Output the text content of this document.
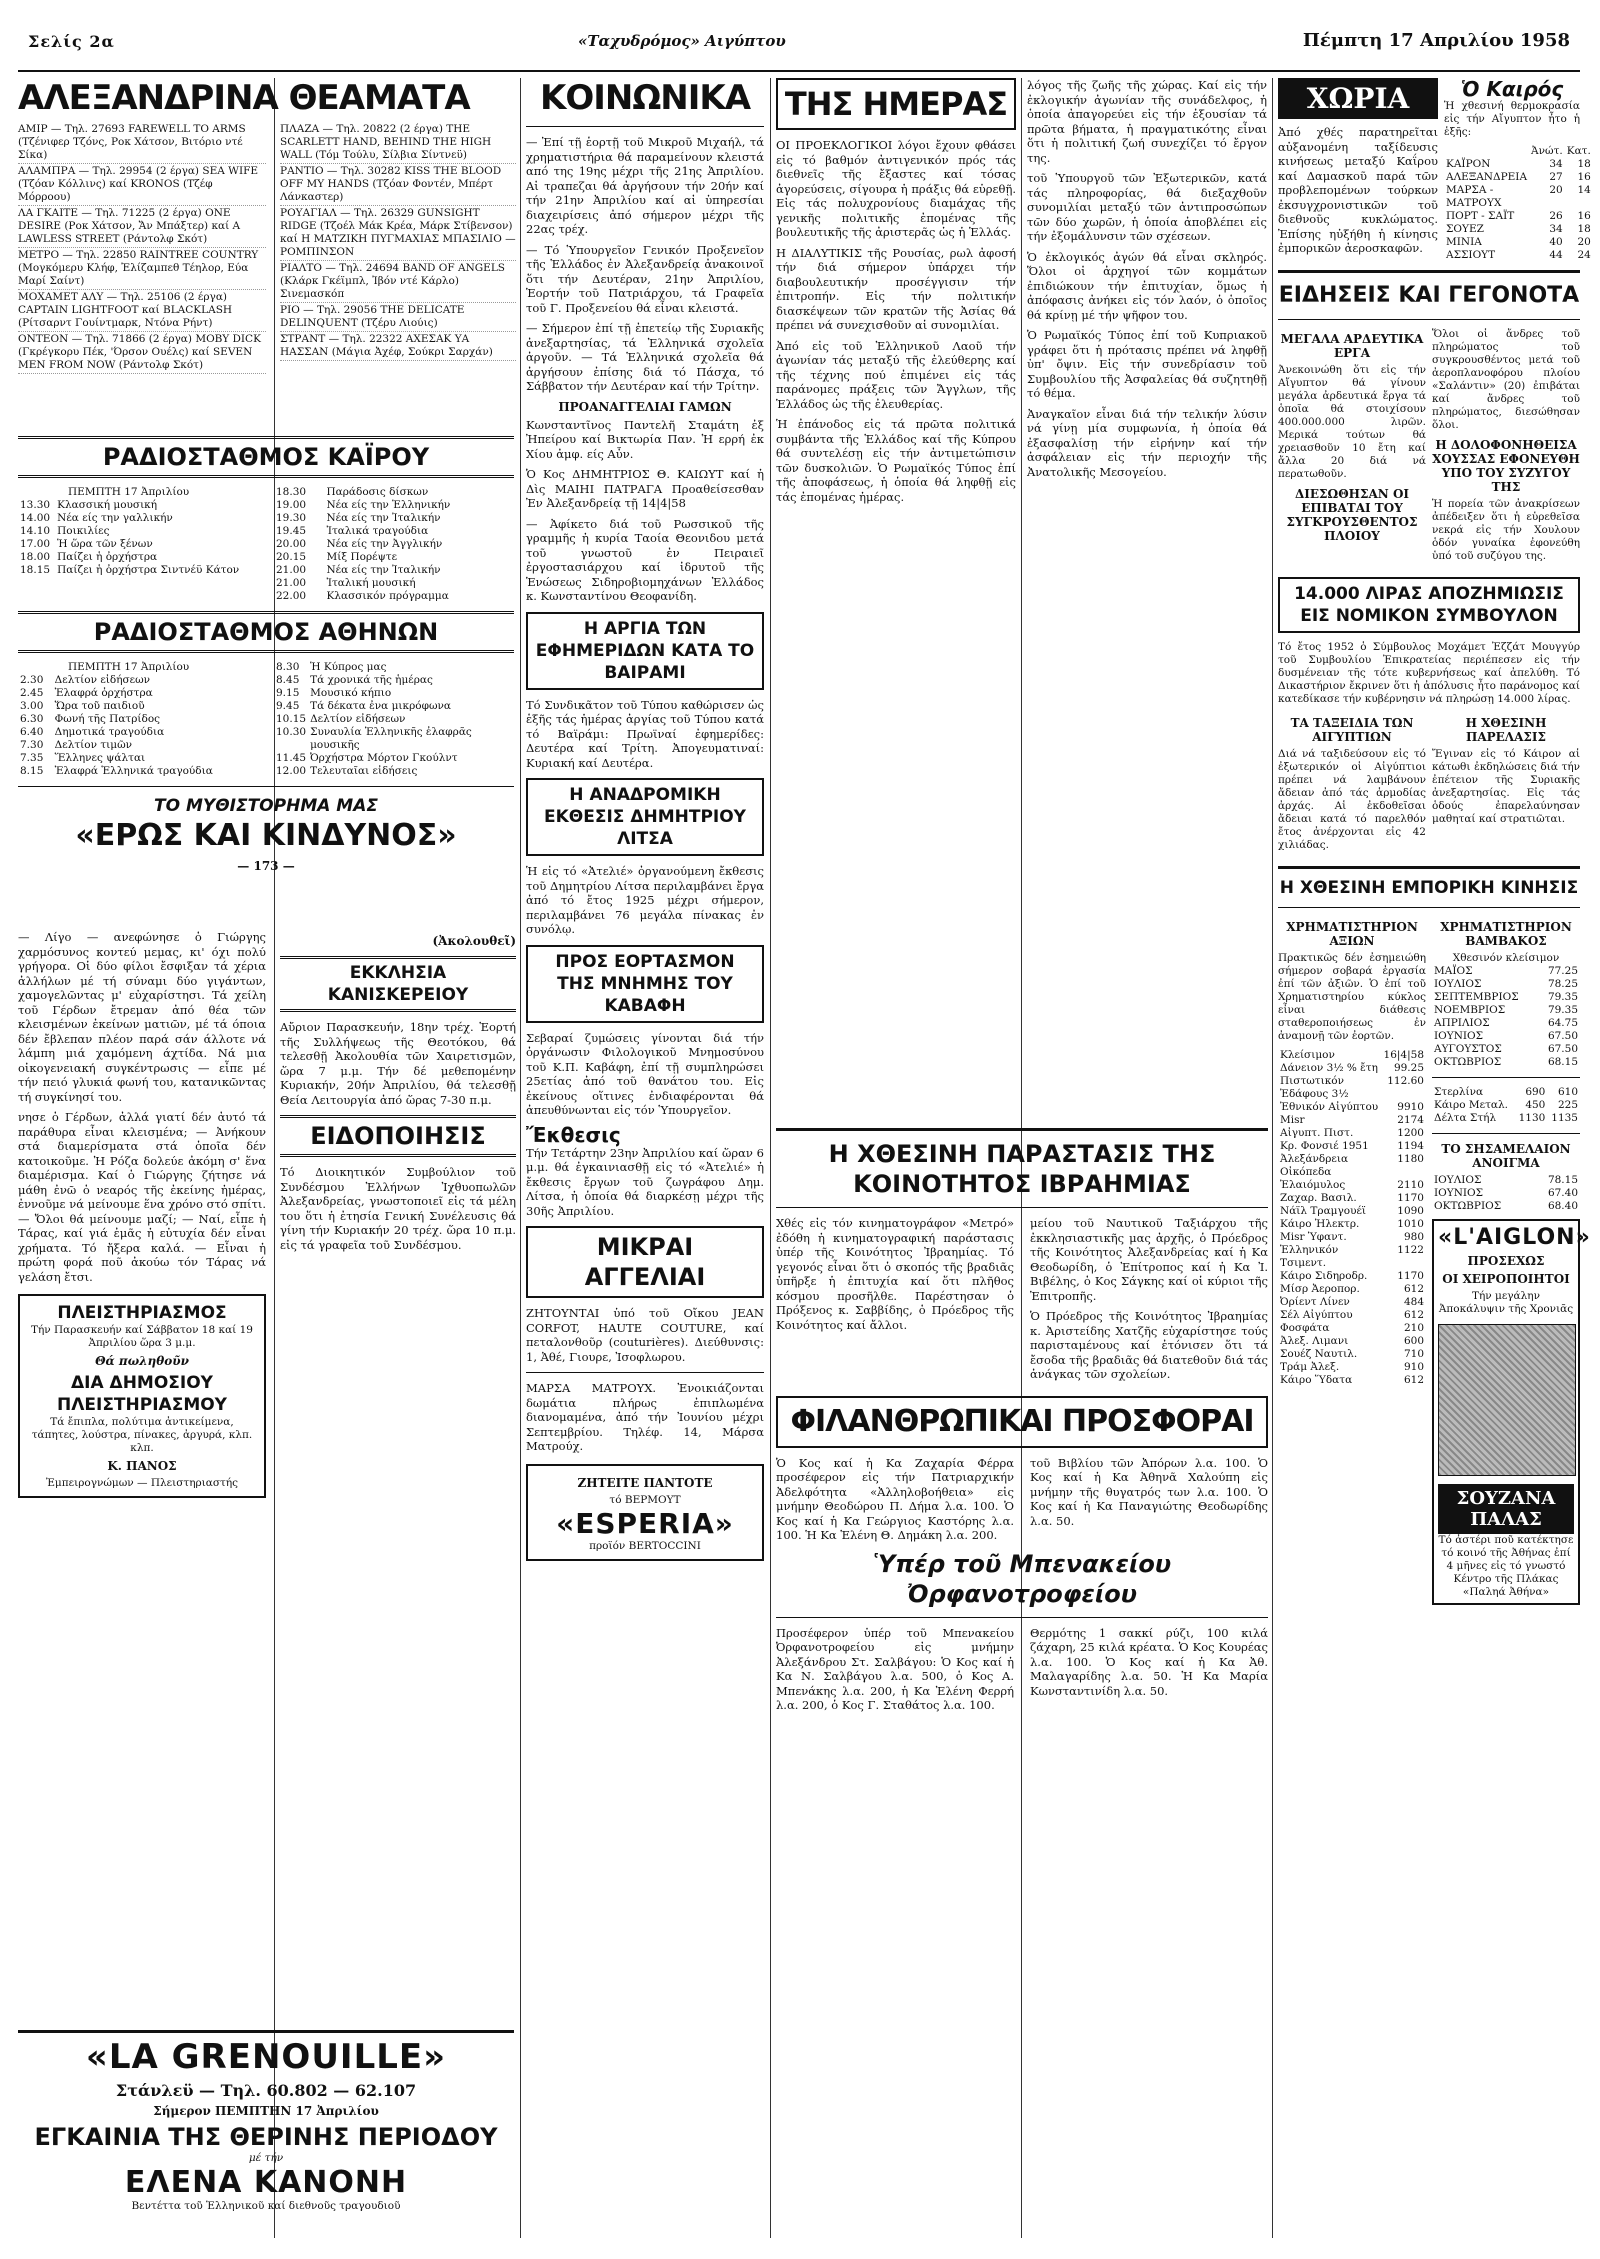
Σελίς 2α	«Ταχυδρόμος» Αιγύπτου	Πέμπτη 17 Απριλίου 1958
ΑΛΕΞΑΝΔΡΙΝΑ ΘΕΑΜΑΤΑ
ΑΜΙΡ — Τηλ. 27693 FAREWELL TO ARMS (Τζένιφερ Τζόνς, Ροκ Χάτσον, Βιτόριο ντέ Σίκα)
ΑΛΑΜΠΡΑ — Τηλ. 29954 (2 έργα) SEA WIFE (Τζόαν Κόλλινς) καί KRONOS (Τζέφ Μόρροου)
ΛΑ ΓΚΑΙΤΕ — Τηλ. 71225 (2 έργα) ONE DESIRE (Ροκ Χάτσον, Ἄν Μπάξτερ) καί A LAWLESS STREET (Ράντολφ Σκότ)
ΜΕΤΡΟ — Τηλ. 22850 RAINTREE COUNTRY (Μογκόμερυ Κλήφ, Ἐλίζαμπεθ Τέηλορ, Εύα Μαρί Σαίντ)
ΜΟΧΑΜΕΤ ΑΛΥ — Τηλ. 25106 (2 έργα) CAPTAIN LIGHTFOOT καί BLACKLASH (Ρίτσαρντ Γουίντμαρκ, Ντόνα Ρήντ)
ΟΝΤΕΟΝ — Τηλ. 71866 (2 έργα) MOBY DICK (Γκρέγκορυ Πέκ, 'Όρσον Ουέλς) καί SEVEN MEN FROM NOW (Ράντολφ Σκότ)
ΡΑΔΙΟΣΤΑΘΜΟΣ ΚΑΪΡΟΥ
ΠΕΜΠΤΗ 17 Ἀπριλίου
13.30	Κλασσική μουσική
14.00	Νέα είς την γαλλικήν
14.10	Ποικιλίες
17.00	Ἡ ὥρα τῶν ξένων
18.00	Παίζει ἡ ὀρχήστρα
18.15	Παίζει ἡ ὀρχήστρα Σιντνέϋ Κάτον
18.30	Παράδοσις δίσκων
19.00	Νέα είς την Ἑλληνικήν
19.30	Νέα είς την Ἰταλικήν
19.45	Ἰταλικά τραγούδια
20.00	Νέα είς την Ἀγγλικήν
20.15	Μίξ Πορέψτε
21.00	Νέα είς την Ἰταλικήν
21.00	Ἰταλική μουσική
22.00	Κλασσικόν πρόγραμμα
ΡΑΔΙΟΣΤΑΘΜΟΣ ΑΘΗΝΩΝ
ΠΕΜΠΤΗ 17 Ἀπριλίου
2.30	Δελτίον εἰδήσεων
2.45	Ἐλαφρά ὀρχήστρα
3.00	Ὥρα τοῦ παιδιοῦ
6.30	Φωνή τῆς Πατρίδος
6.40	Δημοτικά τραγούδια
7.30	Δελτίον τιμῶν
7.35	Ἕλληνες ψάλται
8.15	Ἐλαφρά Ἑλληνικά τραγούδια
8.30	Ἡ Κύπρος μας
8.45	Τά χρονικά τῆς ἡμέρας
9.15	Μουσικό κήπιο
9.45	Τά δέκατα ἐνα μικρόφωνα
10.15	Δελτίον εἰδήσεων
10.30	Συναυλία Ἑλληνικῆς ἐλαφρᾶς μουσικῆς
11.45	Ὀρχήστρα Μόρτον Γκούλντ
12.00	Τελευταῖαι εἰδήσεις
ΤΟ ΜΥΘΙΣΤΟΡΗΜΑ ΜΑΣ
«ΕΡΩΣ ΚΑΙ ΚΙΝΔΥΝΟΣ»
— 173 —

— Λίγο — ανεφώνησε ὁ Γιώργης χαρμόσυνος κοντεύ μεμας, κι' όχι πολύ γρήγορα. Οἱ δύο φίλοι ἔσφιξαν τά χέρια ἀλλήλων μέ τή σύναμι δύο γιγάντων, χαμογελῶντας μ' εὐχαρίστησι. Τά χείλη τοῦ Γέρδων ἔτρεμαν ἀπό θέα τῶν κλεισμένων ἐκείνων ματιῶν, μέ τά όποια δέν ἔβλεπαν πλέον παρά σάν άλλοτε νά λάμπη μιά χαμόμενη άχτίδα. Νά μια οἰκογενειακή συγκέντρωσις — εἶπε μέ τήν πειό γλυκιά φωνή του, κατανικῶντας τή συγκίνησί του.

νησε ὁ Γέρδων, ἀλλά γιατί δέν ἀυτό τά παράθυρα εἶναι κλεισμένα; — Ἀνήκουν στά διαμερίσματα στά ὁποῖα δέν κατοικοῦμε. Ἡ Ρόζα δολεύε ἀκόμη σ' ἕνα διαμέρισμα. Καί ὁ Γιώργης ζήτησε νά μάθη ἐνῶ ὁ νεαρός τῆς ἐκείνης ἡμέρας, ἐννοῦμε νά μείνουμε ἕνα χρόνο στό σπίτι. — Ὄλοι θά μείνουμε μαζί; — Ναί, εἶπε ἡ Τάρας, καί γιά ἐμᾶς ἡ εὐτυχία δέν εἶναι χρήματα. Τό ἤξερα καλά. — Εἶναι ἡ πρώτη φορά ποῦ ἀκούω τόν Τάρας νά γελάση ἔτσι.

ΠΛΕΙΣΤΗΡΙΑΣΜΟΣ
Τήν Παρασκευήν καί Σάββατον 18 καί 19 Ἀπριλίου ὥρα 3 μ.μ.
Θά πωληθοῦν
ΔΙΑ ΔΗΜΟΣΙΟΥ ΠΛΕΙΣΤΗΡΙΑΣΜΟΥ
Τά ἔπιπλα, πολύτιμα ἀντικείμενα, τάπητες, λούστρα, πίνακες, ἀργυρά, κλπ. κλπ.
Κ. ΠΑΝΟΣ
Ἐμπειρογνώμων — Πλειστηριαστής
ΠΛΑΖΑ — Τηλ. 20822 (2 έργα) THE SCARLETT HAND, BEHIND THE HIGH WALL (Τόμ Τούλυ, Σίλβια Σίντνεϋ)
ΡΑΝΤΙΟ — Τηλ. 30282 KISS THE BLOOD OFF MY HANDS (Τζόαν Φοντέν, Μπέρτ Λάνκαστερ)
ΡΟΥΑΓΙΑΛ — Τηλ. 26329 GUNSIGHT RIDGE (Τζοέλ Μάκ Κρέα, Μάρκ Στίβενσον) καί Η ΜΑΤΖΙΚΗ ΠΥΓΜΑΧΙΑΣ ΜΠΑΣΙΛΙΟ — ΡΟΜΠΙΝΣΟΝ
ΡΙΑΛΤΟ — Τηλ. 24694 BAND OF ANGELS (Κλάρκ Γκέϊμπλ, Ἰβόν ντέ Κάρλο) Σινεμασκόπ
ΡΙΟ — Τηλ. 29056 THE DELICATE DELINQUENT (Τζέρυ Λιούις)
ΣΤΡΑΝΤ — Τηλ. 22322 ΑΧΕΣΑΚ ΥΑ ΗΑΣΣΑΝ (Μάγια Ἀχέφ, Σούκρι Σαρχάν)
(Ἀκολουθεῖ)
ΕΚΚΛΗΣΙΑ ΚΑΝΙΣΚΕΡΕΙΟΥ

Αὔριον Παρασκευήν, 18ην τρέχ. Ἑορτή τῆς Συλλήψεως τῆς Θεοτόκου, θά τελεσθῇ Ἀκολουθία τῶν Χαιρετισμῶν, ὥρα 7 μ.μ. Τήν δέ μεθεπομένην Κυριακήν, 20ήν Ἀπριλίου, θά τελεσθῇ Θεία Λειτουργία ἀπό ὥρας 7-30 π.μ.

ΕΙΔΟΠΟΙΗΣΙΣ

Τό Διοικητικόν Συμβούλιον τοῦ Συνδέσμου Ἑλλήνων Ἰχθυοπωλῶν Ἀλεξανδρείας, γνωστοποιεῖ εἰς τά μέλη του ὅτι ἡ ἐτησία Γενική Συνέλευσις θά γίνη τήν Κυριακήν 20 τρέχ. ὥρα 10 π.μ. εἰς τά γραφεῖα τοῦ Συνδέσμου.

«LA GRENOUILLE»
Στάνλεϋ — Τηλ. 60.802 — 62.107
Σήμερον ΠΕΜΠΤΗΝ 17 Ἀπριλίου
ΕΓΚΑΙΝΙΑ ΤΗΣ ΘΕΡΙΝΗΣ ΠΕΡΙΟΔΟΥ
μέ τήν
ΕΛΕΝΑ ΚΑΝΟΝΗ
Βεντέττα τοῦ Ἑλληνικοῦ καί διεθνοῦς τραγουδιοῦ
ΚΟΙΝΩΝΙΚΑ

— Ἐπί τῇ ἑορτῇ τοῦ Μικροῦ Μιχαήλ, τά χρηματιστήρια θά παραμείνουν κλειστά από της 19ης μέχρι τῆς 21ης Ἀπριλίου. Αἱ τραπεζαι θά ἀργήσουν τήν 20ήν καί τήν 21ην Ἀπριλίου καί αἱ ὑπηρεσίαι διαχειρίσεις ἀπό σήμερον μέχρι τῆς 22ας τρέχ.

— Τό Ὑπουργεῖον Γενικόν Προξενεῖον τῆς Ἑλλάδος ἐν Ἀλεξανδρείᾳ ἀνακοινοῖ ὅτι τήν Δευτέραν, 21ην Ἀπριλίου, Ἑορτήν τοῦ Πατριάρχου, τά Γραφεῖα τοῦ Γ. Προξενείου θά εἶναι κλειστά.

— Σήμερον ἐπί τῇ ἐπετείῳ τῆς Συριακῆς ἀνεξαρτησίας, τά Ἑλληνικά σχολεῖα ἀργοῦν. — Τά Ἑλληνικά σχολεῖα θά ἀργήσουν ἐπίσης διά τό Πάσχα, τό Σάββατον τήν Δευτέραν καί τήν Τρίτην.

ΠΡΟΑΝΑΓΓΕΛΙΑΙ ΓΑΜΩΝ

Κωνσταντῖνος Παντελῆ Σταμάτη ἐξ Ἠπείρου καί Βικτωρία Παν. Ἡ ερρή ἐκ Χίου ἀμφ. είς Αὖν.

Ὁ Κος ΔΗΜΗΤΡΙΟΣ Θ. ΚΑΙΩΥΤ καί ἡ Δὶς ΜΑΙΗΙ ΠΑΤΡΑΓΑ Προαθείσεσθαν Ἐν Ἀλεξανδρείᾳ τῇ 14|4|58

— Ἀφίκετο διά τοῦ Ρωσσικοῦ τῆς γραμμῆς ἡ κυρία Ταοία Θεονιδου μετά τοῦ γνωστοῦ ἐν Πειραιεῖ ἐργοστασιάρχου καί ἰδρυτοῦ τῆς Ἑνώσεως Σιδηροβιομηχάνων Ἑλλάδος κ. Κωνσταντίνου Θεοφανίδη.

Η ΑΡΓΙΑ ΤΩΝ ΕΦΗΜΕΡΙΔΩΝ ΚΑΤΑ ΤΟ ΒΑΙΡΑΜΙ

Τό Συνδικᾶτον τοῦ Τύπου καθώρισεν ὡς ἑξῆς τάς ἡμέρας ἀργίας τοῦ Τύπου κατά τό Βαϊράμι: Πρωϊναί ἐφημερίδες: Δευτέρα καί Τρίτη. Ἀπογευματιναί: Κυριακή καί Δευτέρα.

Η ΑΝΑΔΡΟΜΙΚΗ ΕΚΘΕΣΙΣ ΔΗΜΗΤΡΙΟΥ ΛΙΤΣΑ

Ἡ εἰς τό «Ἀτελιέ» ὀργανούμενη ἔκθεσις τοῦ Δημητρίου Λίτσα περιλαμβάνει ἔργα ἀπό τό ἔτος 1925 μέχρι σήμερον, περιλαμβάνει 76 μεγάλα πίνακας ἐν συνόλῳ.

ΠΡΟΣ ΕΟΡΤΑΣΜΟΝ ΤΗΣ ΜΝΗΜΗΣ ΤΟΥ ΚΑΒΑΦΗ

Σεβαραί ζυμώσεις γίνονται διά τήν ὀργάνωσιν Φιλολογικοῦ Μνημοσύνου τοῦ Κ.Π. Καβάφη, ἐπί τῇ συμπληρώσει 25ετίας ἀπό τοῦ θανάτου του. Εἰς ἐκείνους οἵτινες ἐνδιαφέρονται θά ἀπευθύνωνται εἰς τόν Ὑπουργεῖον.

Ἔκθεσις

Τήν Τετάρτην 23ην Ἀπριλίου καί ὥραν 6 μ.μ. θά ἐγκαινιασθῇ εἰς τό «Ἀτελιέ» ἡ ἔκθεσις ἔργων τοῦ ζωγράφου Δημ. Λίτσα, ἡ ὁποία θά διαρκέσῃ μέχρι τῆς 30ῆς Ἀπριλίου.

ΜΙΚΡΑΙ ΑΓΓΕΛΙΑΙ

ΖΗΤΟΥΝΤΑΙ ὑπό τοῦ Οἴκου JEAN CORFOT, HAUTE COUTURE, καί πεταλονθοῦρ (couturières). Διεύθυνσις: 1, Ἀθέ, Γιουρε, Ἰσοφλωρου.

ΜΑΡΣΑ ΜΑΤΡΟΥΧ. Ἐνοικιάζονται δωμάτια πλήρως ἐπιπλωμένα διανομαμένα, ἀπό τήν Ἰουνίου μέχρι Σεπτεμβρίου. Τηλέφ. 14, Μάρσα Ματρούχ.

ΖΗΤΕΙΤΕ ΠΑΝΤΟΤΕ
τό ΒΕΡΜΟΥΤ
«ESPERIA»
προϊόν BERTOCCINI
ΤΗΣ ΗΜΕΡΑΣ

ΟΙ ΠΡΟΕΚΛΟΓΙΚΟΙ λόγοι ἔχουν φθάσει εἰς τό βαθμόν ἀντιγενικόν πρός τάς διεθνεῖς τῆς ἔξαστες καί τόσας ἀγορεύσεις, σίγουρα ἡ πράξις θά εὑρεθῇ. Εἰς τάς πολυχρονίους διαμάχας τῆς γενικῆς πολιτικῆς ἐπομένας τῆς βουλευτικῆς τῆς ἀριστερᾶς ὡς ἡ Ἑλλάς.

Η ΔΙΑΛΥΤΙΚΙΣ τῆς Ρουσίας, ρωλ ἀφοσή τήν διά σήμερον ὑπάρχει τήν διαβουλευτικήν προσέγγισιν τήν ἐπιτροπήν. Εἰς τήν πολιτικήν διασκέψεων τῶν κρατῶν τῆς Ἀσίας θά πρέπει νά συνεχισθοῦν αἱ συνομιλίαι.

Ἀπό εἰς τοῦ Ἑλληνικοῦ Λαοῦ τήν ἀγωνίαν τάς μεταξύ τῆς ἐλεύθερης καί τῆς τέχνης πού ἐπιμένει εἰς τάς παράνομες πράξεις τῶν Ἄγγλων, τῆς Ἑλλάδος ὡς τῆς ἐλευθερίας.

Ἡ ἐπάνοδος εἰς τά πρῶτα πολιτικά συμβάντα τῆς Ἑλλάδος καί τῆς Κύπρου θά συντελέσῃ εἰς τήν ἀντιμετώπισιν τῶν δυσκολιῶν. Ὁ Ρωμαϊκός Τύπος ἐπί τῆς ἀποφάσεως, ἡ ὁποία θά ληφθῇ εἰς τάς ἐπομένας ἡμέρας.

λόγος τῆς ζωῆς τῆς χώρας. Καί εἰς τήν ἐκλογικήν ἀγωνίαν τῆς συνάδελφος, ἡ ὁποία ἀπαγορεύει εἰς τήν ἐξουσίαν τά πρῶτα βήματα, ἡ πραγματικότης εἶναι ὅτι ἡ πολιτική ζωή συνεχίζει τό ἔργον της.

τοῦ Ὑπουργοῦ τῶν Ἐξωτερικῶν, κατά τάς πληροφορίας, θά διεξαχθοῦν συνομιλίαι μεταξύ τῶν ἀντιπροσώπων τῶν δύο χωρῶν, ἡ ὁποία ἀποβλέπει εἰς τήν ἐξομάλυνσιν τῶν σχέσεων.

Ὁ ἐκλογικός ἀγών θά εἶναι σκληρός. Ὅλοι οἱ ἀρχηγοί τῶν κομμάτων ἐπιδιώκουν τήν ἐπιτυχίαν, ὅμως ἡ ἀπόφασις ἀνήκει εἰς τόν λαόν, ὁ ὁποῖος θά κρίνῃ μέ τήν ψῆφον του.

Ὁ Ρωμαϊκός Τύπος ἐπί τοῦ Κυπριακοῦ γράφει ὅτι ἡ πρότασις πρέπει νά ληφθῇ ὑπ' ὄψιν. Εἰς τήν συνεδρίασιν τοῦ Συμβουλίου τῆς Ἀσφαλείας θά συζητηθῇ τό θέμα.

Ἀναγκαῖον εἶναι διά τήν τελικήν λύσιν νά γίνῃ μία συμφωνία, ἡ ὁποία θά ἐξασφαλίσῃ τήν εἰρήνην καί τήν ἀσφάλειαν εἰς τήν περιοχήν τῆς Ἀνατολικῆς Μεσογείου.

Η ΧΘΕΣΙΝΗ ΠΑΡΑΣΤΑΣΙΣ ΤΗΣ ΚΟΙΝΟΤΗΤΟΣ ΙΒΡΑΗΜΙΑΣ

Χθές εἰς τόν κινηματογράφον «Μετρό» ἐδόθη ἡ κινηματογραφική παράστασις ὑπέρ τῆς Κοινότητος Ἰβραημίας. Τό γεγονός εἶναι ὅτι ὁ σκοπός τῆς βραδιᾶς ὑπῆρξε ἡ ἐπιτυχία καί ὅτι πλῆθος κόσμου προσῆλθε. Παρέστησαν ὁ Πρόξενος κ. Σαββίδης, ὁ Πρόεδρος τῆς Κοινότητος καί ἄλλοι.

μείου τοῦ Ναυτικοῦ Ταξιάρχου τῆς ἐκκλησιαστικῆς μας ἀρχῆς, ὁ Πρόεδρος τῆς Κοινότητος Ἀλεξανδρείας καί ἡ Κα Θεοδωρίδη, ὁ Ἐπίτροπος καί ἡ Κα Ἰ. Βιβέλης, ὁ Κος Σάγκης καί οἱ κύριοι τῆς Ἐπιτροπῆς.

Ὁ Πρόεδρος τῆς Κοινότητος Ἰβραημίας κ. Ἀριστείδης Χατζῆς εὐχαρίστησε τούς παρισταμένους καί ἐτόνισεν ὅτι τά ἔσοδα τῆς βραδιᾶς θά διατεθοῦν διά τάς ἀνάγκας τῶν σχολείων.

ΦΙΛΑΝΘΡΩΠΙΚΑΙ ΠΡΟΣΦΟΡΑΙ

Ὁ Κος καί ἡ Κα Ζαχαρία Φέρρα προσέφερον εἰς τήν Πατριαρχικήν Ἀδελφότητα «Ἀλληλοβοήθεια» εἰς μνήμην Θεοδώρου Π. Δήμα λ.α. 100. Ὁ Κος καί ἡ Κα Γεώργιος Καστόρης λ.α. 100. Ἡ Κα Ἑλένη Θ. Δημάκη λ.α. 200.

τοῦ Βιβλίου τῶν Ἀπόρων λ.α. 100. Ὁ Κος καί ἡ Κα Ἀθηνᾶ Χαλούπη εἰς μνήμην τῆς θυγατρός των λ.α. 100. Ὁ Κος καί ἡ Κα Παναγιώτης Θεοδωρίδης λ.α. 50.

Ὑπέρ τοῦ Μπενακείου Ὀρφανοτροφείου

Προσέφερον ὑπέρ τοῦ Μπενακείου Ὀρφανοτροφείου εἰς μνήμην Ἀλεξάνδρου Στ. Σαλβάγου: Ὁ Κος καί ἡ Κα Ν. Σαλβάγου λ.α. 500, ὁ Κος Α. Μπενάκης λ.α. 200, ἡ Κα Ἑλένη Φερρή λ.α. 200, ὁ Κος Γ. Σταθάτος λ.α. 100.

Θερμότης 1 σακκί ρύζι, 100 κιλά ζάχαρη, 25 κιλά κρέατα. Ὁ Κος Κουρέας λ.α. 100. Ὁ Κος καί ἡ Κα Ἀθ. Μαλαγαρίδης λ.α. 50. Ἡ Κα Μαρία Κωνσταντινίδη λ.α. 50.

ΧΩΡΙΑ

Ἀπό χθές παρατηρεῖται αὐξανομένη ταξίδευσις κινήσεως μεταξύ Καΐρου καί Δαμασκοῦ παρά τῶν προβλεπομένων τούρκων ἐκσυγχρονιστικῶν τοῦ διεθνοῦς κυκλώματος. Ἐπίσης ηὐξήθη ἡ κίνησις ἐμπορικῶν ἀεροσκαφῶν.

Ὁ Καιρός

Ἡ χθεσινή θερμοκρασία εἰς τήν Αἴγυπτον ἦτο ἡ ἑξῆς:

	Ἀνώτ.	Κατ.
ΚΑΪΡΟΝ	34	18
ΑΛΕΞΑΝΔΡΕΙΑ	27	16
ΜΑΡΣΑ - ΜΑΤΡΟΥΧ	20	14
ΠΟΡΤ - ΣΑΪΤ	26	16
ΣΟΥΕΖ	34	18
ΜΙΝΙΑ	40	20
ΑΣΣΙΟΥΤ	44	24
ΕΙΔΗΣΕΙΣ ΚΑΙ ΓΕΓΟΝΟΤΑ
ΜΕΓΑΛΑ ΑΡΔΕΥΤΙΚΑ ΕΡΓΑ

Ἀνεκοινώθη ὅτι εἰς τήν Αἴγυπτον θά γίνουν μεγάλα ἀρδευτικά ἔργα τά ὁποῖα θά στοιχίσουν 400.000.000 λιρῶν. Μερικά τούτων θά χρειασθοῦν 10 ἔτη καί ἄλλα 20 διά νά περατωθοῦν.

ΔΙΕΣΩΘΗΣΑΝ ΟΙ ΕΠΙΒΑΤΑΙ ΤΟΥ ΣΥΓΚΡΟΥΣΘΕΝΤΟΣ ΠΛΟΙΟΥ

Ὅλοι οἱ ἄνδρες τοῦ πληρώματος τοῦ συγκρουσθέντος μετά τοῦ ἀεροπλανοφόρου πλοίου «Σαλάντιν» (20) ἐπιβάται καί ἄνδρες τοῦ πληρώματος, διεσώθησαν ὅλοι.

Η ΔΟΛΟΦΟΝΗΘΕΙΣΑ ΧΟΥΣΣΑΣ ΕΦΟΝΕΥΘΗ ΥΠΟ ΤΟΥ ΣΥΖΥΓΟΥ ΤΗΣ

Ἡ πορεία τῶν ἀνακρίσεων ἀπέδειξεν ὅτι ἡ εὑρεθεῖσα νεκρά εἰς τήν Χουλουν ὁδόν γυναίκα ἐφονεύθη ὑπό τοῦ συζύγου της.

14.000 ΛΙΡΑΣ ΑΠΟΖΗΜΙΩΣΙΣ ΕΙΣ ΝΟΜΙΚΟΝ ΣΥΜΒΟΥΛΟΝ

Τό ἔτος 1952 ὁ Σύμβουλος Μοχάμετ Ἐζζάτ Μουγγύρ τοῦ Συμβουλίου Ἐπικρατείας περιέπεσεν εἰς τήν δυσμένειαν τῆς τότε κυβερνήσεως καί ἀπελύθη. Τό Δικαστήριον ἔκρινεν ὅτι ἡ ἀπόλυσις ἦτο παράνομος καί κατεδίκασε τήν κυβέρνησιν νά πληρώσῃ 14.000 λίρας.

ΤΑ ΤΑΞΕΙΔΙΑ ΤΩΝ ΑΙΓΥΠΤΙΩΝ

Διά νά ταξιδεύσουν εἰς τό ἐξωτερικόν οἱ Αἰγύπτιοι πρέπει νά λαμβάνουν ἄδειαν ἀπό τάς ἁρμοδίας ἀρχάς. Αἱ ἐκδοθεῖσαι ἄδειαι κατά τό παρελθόν ἔτος ἀνέρχονται εἰς 42 χιλιάδας.

Η ΧΘΕΣΙΝΗ ΠΑΡΕΛΑΣΙΣ

Ἔγιναν εἰς τό Κάιρον αἱ κάτωθι ἐκδηλώσεις διά τήν ἐπέτειον τῆς Συριακῆς ἀνεξαρτησίας. Εἰς τάς ὁδούς ἐπαρελαύνησαν μαθηταί καί στρατιῶται.

Η ΧΘΕΣΙΝΗ ΕΜΠΟΡΙΚΗ ΚΙΝΗΣΙΣ
ΧΡΗΜΑΤΙΣΤΗΡΙΟΝ ΑΞΙΩΝ

Πρακτικῶς δέν ἐσημειώθη σήμερον σοβαρά ἐργασία ἐπί τῶν ἀξιῶν. Ὁ ἐπί τοῦ Χρηματιστηρίου κύκλος εἶναι διάθεσις σταθεροποιήσεως ἐν ἀναμονῇ τῶν ἐορτῶν.

Κλείσιμον	16|4|58
Δάνειον 3½ % ἔτη	99.25
Πιστωτικόν Ἐδάφους 3½	112.60
Ἐθνικόν Αἰγύπτου	9910
Misr	2174
Αἰγυπτ. Πιστ.	1200
Κρ. Φονσιέ 1951	1194
Ἀλεξάνδρεια Οἰκόπεδα	1180
Ἐλαιόμυλος	2110
Ζαχαρ. Βασιλ.	1170
Νάϊλ Τραμγουέϊ	1090
Κάιρο Ἠλεκτρ.	1010
Misr Ὑφαντ.	980
Ἑλληνικόν Τσιμεντ.	1122
Κάιρο Σιδηροδρ.	1170
Μίσρ Ἀεροπορ.	612
Ὀρίεντ Λίνεν	484
Σέλ Αἰγύπτου	612
Φοσφάτα	210
Ἀλεξ. Λιμανι	600
Σουέζ Ναυτιλ.	710
Τράμ Ἀλεξ.	910
Κάιρο Ὕδατα	612
ΧΡΗΜΑΤΙΣΤΗΡΙΟΝ ΒΑΜΒΑΚΟΣ
Χθεσινόν κλείσιμον
ΜΑΪΟΣ	77.25
ΙΟΥΛΙΟΣ	78.25
ΣΕΠΤΕΜΒΡΙΟΣ	79.35
ΝΟΕΜΒΡΙΟΣ	79.35
ΑΠΡΙΛΙΟΣ	64.75
ΙΟΥΝΙΟΣ	67.50
ΑΥΓΟΥΣΤΟΣ	67.50
ΟΚΤΩΒΡΙΟΣ	68.15
Στερλίνα	690	610
Κάιρο Μεταλ.	450	225
Δέλτα Στήλ	1130	1135
ΤΟ ΣΗΣΑΜΕΛΑΙΟΝ ΑΝΟΙΓΜΑ
ΙΟΥΛΙΟΣ	78.15
ΙΟΥΝΙΟΣ	67.40
ΟΚΤΩΒΡΙΟΣ	68.40
«L'AIGLON»
ΠΡΟΣΕΧΩΣ
ΟΙ ΧΕΙΡΟΠΟΙΗΤΟΙ
Τήν μεγάλην Ἀποκάλυψιν τῆς Χρονιᾶς
ΣΟΥΖΑΝΑ ΠΑΛΑΣ
Τό ἀστέρι ποῦ κατέκτησε τό κοινό τῆς Ἀθήνας ἐπί 4 μῆνες εἰς τό γνωστό Κέντρο τῆς Πλάκας «Παληά Ἀθήνα»
